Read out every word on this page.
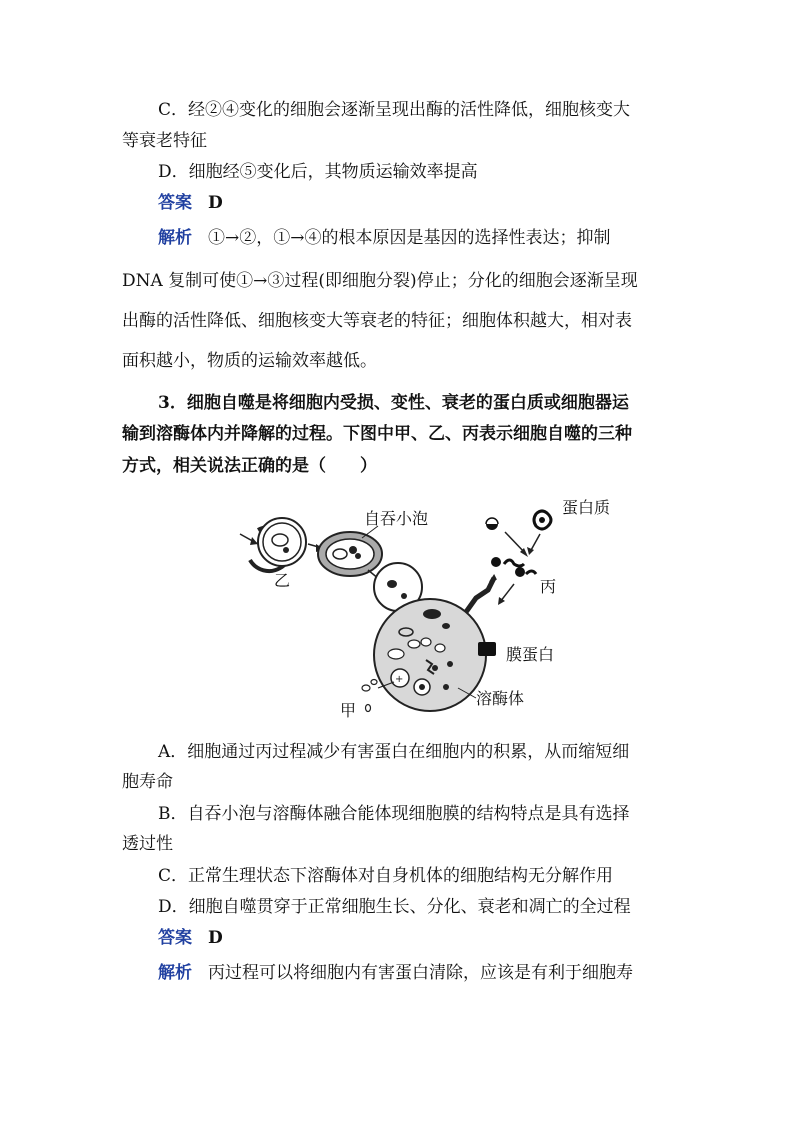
C．经②④变化的细胞会逐渐呈现出酶的活性降低，细胞核变大
等衰老特征
D．细胞经⑤变化后，其物质运输效率提高
答案 D
解析 ①→②，①→④的根本原因是基因的选择性表达；抑制
DNA 复制可使①→③过程(即细胞分裂)停止；分化的细胞会逐渐呈现
出酶的活性降低、细胞核变大等衰老的特征；细胞体积越大，相对表
面积越小，物质的运输效率越低。
3．细胞自噬是将细胞内受损、变性、衰老的蛋白质或细胞器运
输到溶酶体内并降解的过程。下图中甲、乙、丙表示细胞自噬的三种
方式，相关说法正确的是（　　）
+
自吞小泡
蛋白质
乙	丙
膜蛋白
溶酶体
甲
A．细胞通过丙过程减少有害蛋白在细胞内的积累，从而缩短细
胞寿命
B．自吞小泡与溶酶体融合能体现细胞膜的结构特点是具有选择
透过性
C．正常生理状态下溶酶体对自身机体的细胞结构无分解作用
D．细胞自噬贯穿于正常细胞生长、分化、衰老和凋亡的全过程
答案 D
解析 丙过程可以将细胞内有害蛋白清除，应该是有利于细胞寿
